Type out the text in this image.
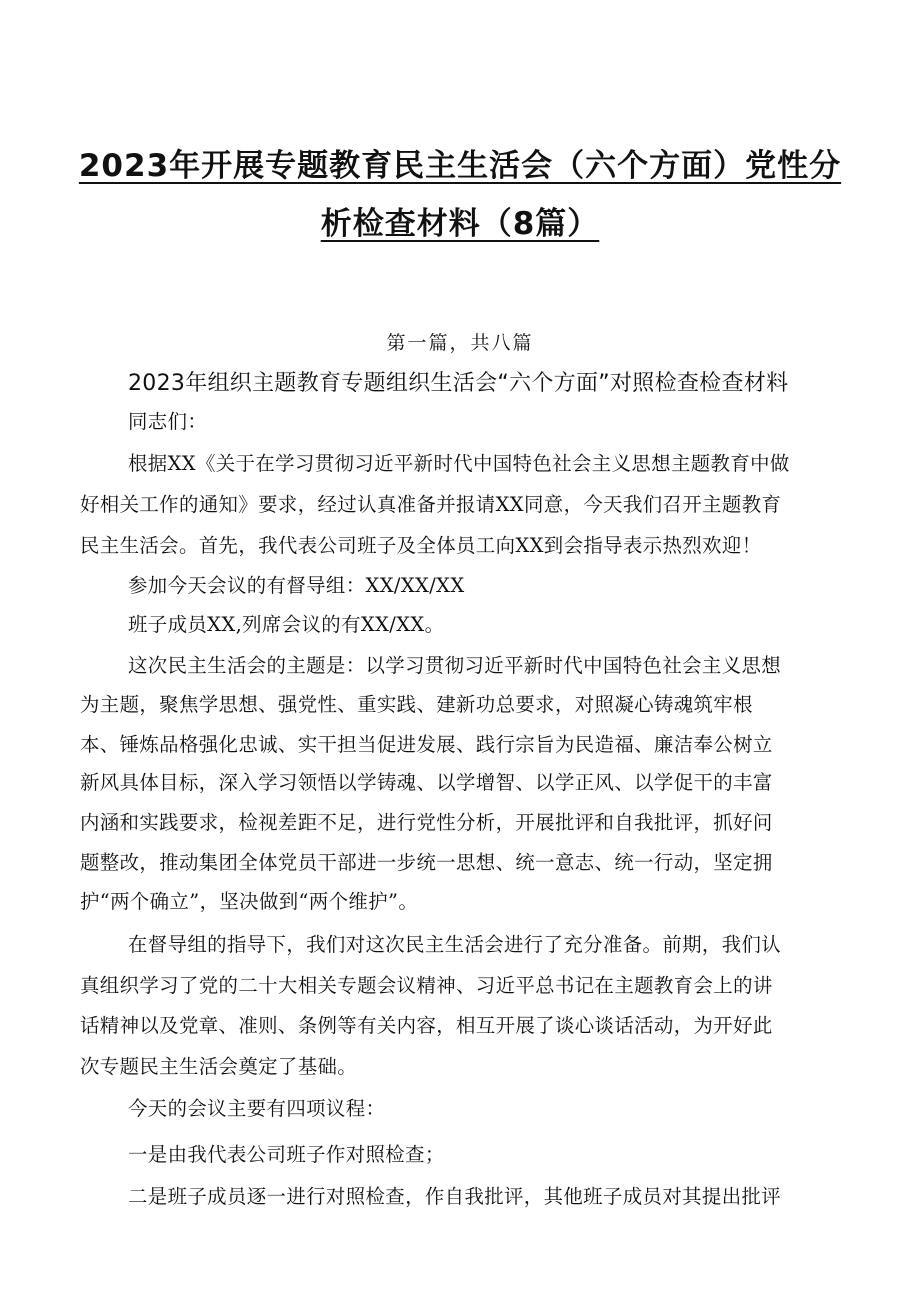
2023年开展专题教育民主生活会（六个方面）党性分
析检查材料（8篇）
第一篇，共八篇
2023年组织主题教育专题组织生活会“六个方面”对照检查检查材料
同志们：
根据XX《关于在学习贯彻习近平新时代中国特色社会主义思想主题教育中做
好相关工作的通知》要求，经过认真准备并报请XX同意，今天我们召开主题教育
民主生活会。首先，我代表公司班子及全体员工向XX到会指导表示热烈欢迎！
参加今天会议的有督导组：XX/XX/XX
班子成员XX,列席会议的有XX/XX。
这次民主生活会的主题是：以学习贯彻习近平新时代中国特色社会主义思想
为主题，聚焦学思想、强党性、重实践、建新功总要求，对照凝心铸魂筑牢根
本、锤炼品格强化忠诚、实干担当促进发展、践行宗旨为民造福、廉洁奉公树立
新风具体目标，深入学习领悟以学铸魂、以学增智、以学正风、以学促干的丰富
内涵和实践要求，检视差距不足，进行党性分析，开展批评和自我批评，抓好问
题整改，推动集团全体党员干部进一步统一思想、统一意志、统一行动，坚定拥
护“两个确立”，坚决做到“两个维护”。
在督导组的指导下，我们对这次民主生活会进行了充分准备。前期，我们认
真组织学习了党的二十大相关专题会议精神、习近平总书记在主题教育会上的讲
话精神以及党章、准则、条例等有关内容，相互开展了谈心谈话活动，为开好此
次专题民主生活会奠定了基础。
今天的会议主要有四项议程：
一是由我代表公司班子作对照检查；
二是班子成员逐一进行对照检查，作自我批评，其他班子成员对其提出批评
